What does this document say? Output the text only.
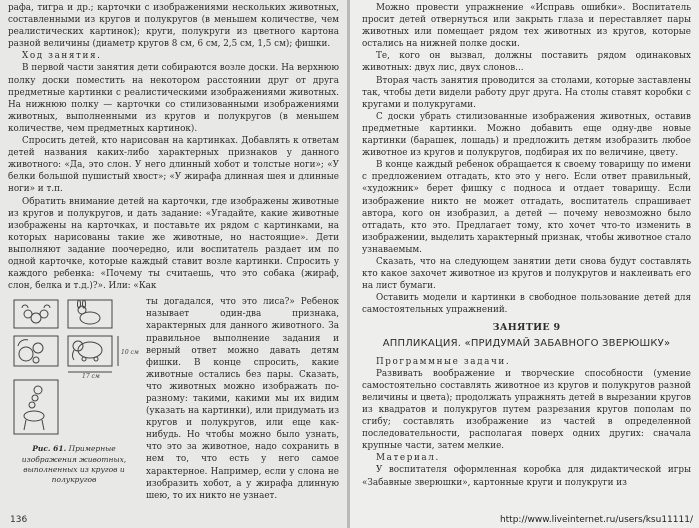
рафа, тигра и др.; карточки с изображениями нескольких животных, составленными из кругов и полукругов (в меньшем количестве, чем реалистических картинок); круги, полукруги из цветного картона разной величины (диаметр кругов 8 см, 6 см, 2,5 см, 1,5 см); фишки.

Ход занятия.

В первой части занятия дети собираются возле доски. На верхнюю полку доски поместить на некотором расстоянии друг от друга предметные картинки с реалистическими изображениями животных. На нижнюю полку — карточки со стилизованными изображениями животных, выполненными из кругов и полукругов (в меньшем количестве, чем предметных картинок).

Спросить детей, кто нарисован на картинках. Добавлять к ответам детей названия каких-либо характерных признаков у данного животного: «Да, это слон. У него длинный хобот и толстые ноги»; «У белки большой пушистый хвост»; «У жирафа длинная шея и длинные ноги» и т.п.

Обратить внимание детей на карточки, где изображены животные из кругов и полукругов, и дать задание: «Угадайте, какие животные изображены на карточках, и поставьте их рядом с картинками, на которых нарисованы такие же животные, но настоящие». Дети выполняют задание поочередно, или воспитатель раздает им по одной карточке, которые каждый ставит возле картинки. Спросить у каждого ребенка: «Почему ты считаешь, что это собака (жираф, слон, белка и т.д.)?». Или: «Как

10 см
17 см
Рис. 61. Примерные изображения животных, выполненных из кругов и полукругов

ты догадался, что это лиса?» Ребенок называет один-два признака, характерных для данного животного. За правильное выполнение задания и верный ответ можно давать детям фишки. В конце спросить, какие животные остались без пары. Сказать, что животных можно изображать по-разному: такими, какими мы их видим (указать на картинки), или придумать из кругов и полукругов, или еще как-нибудь. Но чтобы можно было узнать, что это за животное, надо сохранить в нем то, что есть у него самое характерное. Например, если у слона не изобразить хобот, а у жирафа длинную шею, то их никто не узнает.

136

Можно провести упражнение «Исправь ошибки». Воспитатель просит детей отвернуться или закрыть глаза и переставляет пары животных или помещает рядом тех животных из кругов, которые остались на нижней полке доски.

Те, кого он вызвал, должны поставить рядом одинаковых животных: двух лис, двух слонов...

Вторая часть занятия проводится за столами, которые заставлены так, чтобы дети видели работу друг друга. На столы ставят коробки с кругами и полукругами.

С доски убрать стилизованные изображения животных, оставив предметные картинки. Можно добавить еще одну-две новые картинки (барашек, лошадь) и предложить детям изобразить любое животное из кругов и полукругов, подбирая их по величине, цвету.

В конце каждый ребенок обращается к своему товарищу по имени с предложением отгадать, кто это у него. Если ответ правильный, «художник» берет фишку с подноса и отдает товарищу. Если изображение никто не может отгадать, воспитатель спрашивает автора, кого он изобразил, а детей — почему невозможно было отгадать, кто это. Предлагает тому, кто хочет что-то изменить в изображении, выделить характерный признак, чтобы животное стало узнаваемым.

Сказать, что на следующем занятии дети снова будут составлять кто какое захочет животное из кругов и полукругов и наклеивать его на лист бумаги.

Оставить модели и картинки в свободное пользование детей для самостоятельных упражнений.

ЗАНЯТИЕ 9

АППЛИКАЦИЯ. «ПРИДУМАЙ ЗАБАВНОГО ЗВЕРЮШКУ»

Программные задачи.

Развивать воображение и творческие способности (умение самостоятельно составлять животное из кругов и полукругов разной величины и цвета); продолжать упражнять детей в вырезании кругов из квадратов и полукругов путем разрезания кругов пополам по сгибу; составлять изображение из частей в определенной последовательности, располагая поверх одних других: сначала крупные части, затем мелкие.

Материал.

У воспитателя оформленная коробка для дидактической игры «Забавные зверюшки», картонные круги и полукруги из

http://www.liveinternet.ru/users/ksu11111/
